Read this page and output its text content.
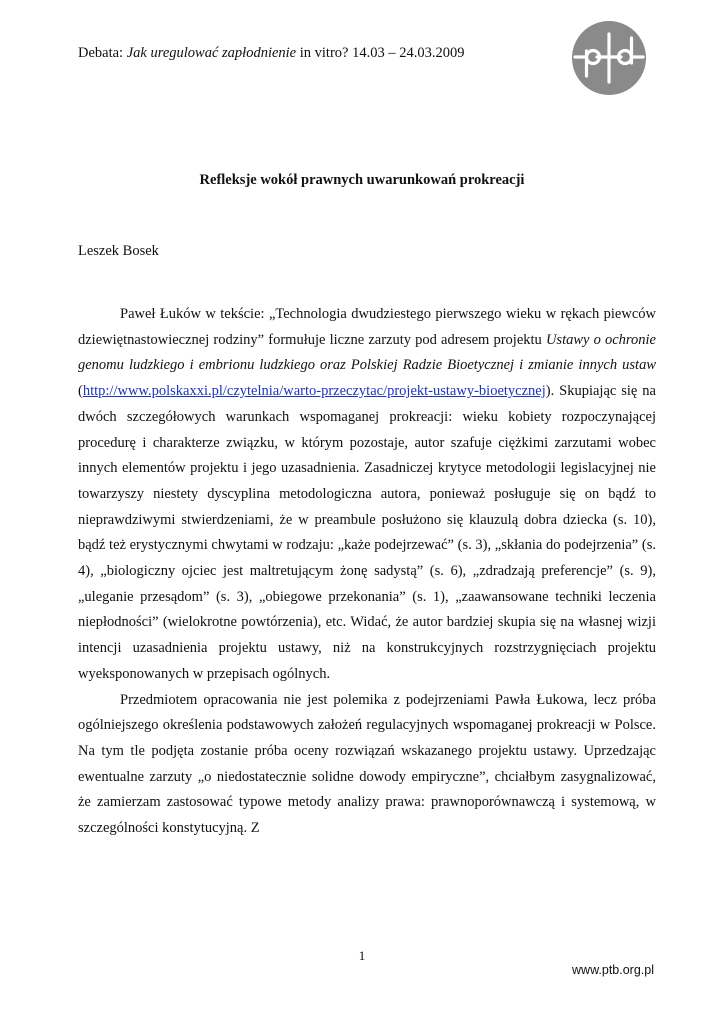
Debata: Jak uregulować zapłodnienie in vitro? 14.03 – 24.03.2009
Refleksje wokół prawnych uwarunkowań prokreacji
Leszek Bosek

Paweł Łuków w tekście: „Technologia dwudziestego pierwszego wieku w rękach piewców dziewiętnastowiecznej rodziny” formułuje liczne zarzuty pod adresem projektu Ustawy o ochronie genomu ludzkiego i embrionu ludzkiego oraz Polskiej Radzie Bioetycznej i zmianie innych ustaw (http://www.polskaxxi.pl/czytelnia/warto-przeczytac/projekt-ustawy-bioetycznej). Skupiając się na dwóch szczegółowych warunkach wspomaganej prokreacji: wieku kobiety rozpoczynającej procedurę i charakterze związku, w którym pozostaje, autor szafuje ciężkimi zarzutami wobec innych elementów projektu i jego uzasadnienia. Zasadniczej krytyce metodologii legislacyjnej nie towarzyszy niestety dyscyplina metodologiczna autora, ponieważ posługuje się on bądź to nieprawdziwymi stwierdzeniami, że w preambule posłużono się klauzulą dobra dziecka (s. 10), bądź też erystycznymi chwytami w rodzaju: „każe podejrzewać” (s. 3), „skłania do podejrzenia” (s. 4), „biologiczny ojciec jest maltretującym żonę sadystą” (s. 6), „zdradzają preferencje” (s. 9), „uleganie przesądom” (s. 3), „obiegowe przekonania” (s. 1), „zaawansowane techniki leczenia niepłodności” (wielokrotne powtórzenia), etc. Widać, że autor bardziej skupia się na własnej wizji intencji uzasadnienia projektu ustawy, niż na konstrukcyjnych rozstrzygnięciach projektu wyeksponowanych w przepisach ogólnych.

Przedmiotem opracowania nie jest polemika z podejrzeniami Pawła Łukowa, lecz próba ogólniejszego określenia podstawowych założeń regulacyjnych wspomaganej prokreacji w Polsce. Na tym tle podjęta zostanie próba oceny rozwiązań wskazanego projektu ustawy. Uprzedzając ewentualne zarzuty „o niedostatecznie solidne dowody empiryczne”, chciałbym zasygnalizować, że zamierzam zastosować typowe metody analizy prawa: prawnoporównawczą i systemową, w szczególności konstytucyjną. Z

1
www.ptb.org.pl
